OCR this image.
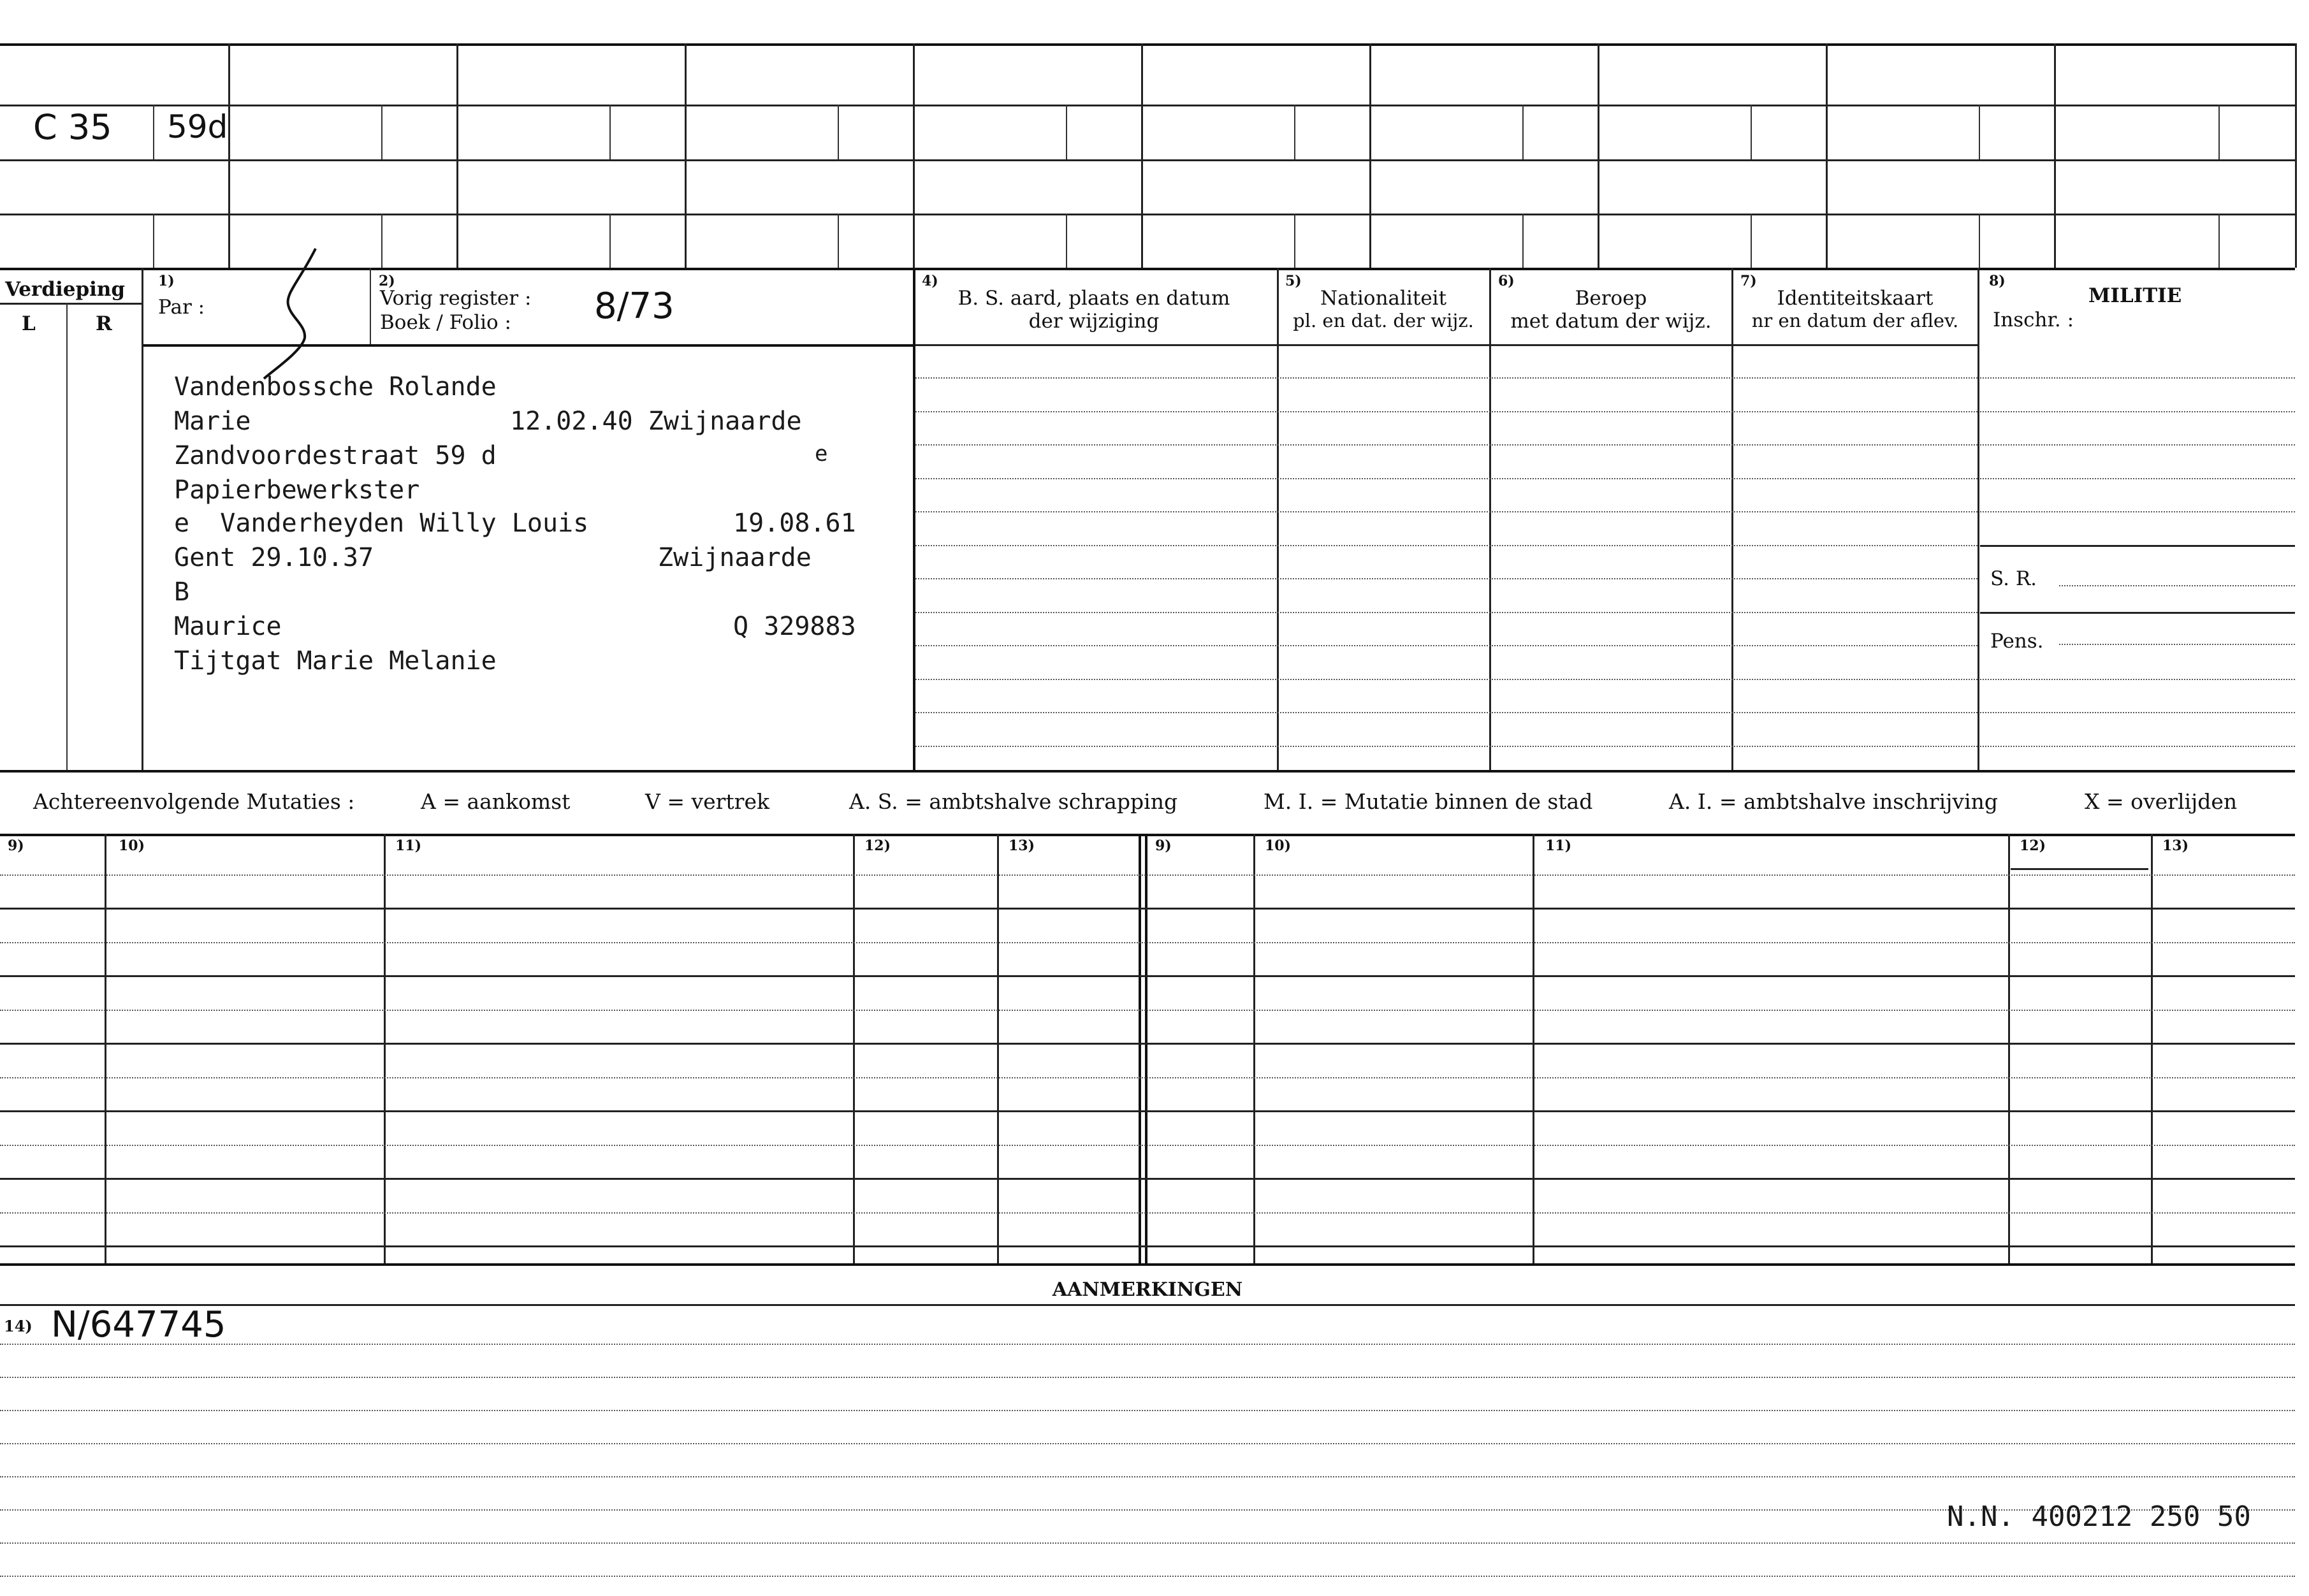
C 35 59d
Verdieping
L	R
1)
Par :
2)
Vorig register :
Boek / Folio : 8/73
4)
B. S. aard, plaats en datum
der wijziging
5)
Nationaliteit
pl. en dat. der wijz.
6)
Beroep
met datum der wijz.
7)
Identiteitskaart
nr en datum der aflev.
8)
MILITIE
Inschr. :
S. R.
Pens.
Vandenbossche Rolande
Marie	12.02.40 Zwijnaarde
Zandvoordestraat 59 d	e
Papierbewerkster
e  Vanderheyden Willy Louis	19.08.61
Gent 29.10.37	Zwijnaarde
B
Maurice	Q 329883
Tijtgat Marie Melanie
Achtereenvolgende Mutaties :	A = aankomst	V = vertrek	A. S. = ambtshalve schrapping	M. I. = Mutatie binnen de stad	A. I. = ambtshalve inschrijving	X = overlijden
9)	10)	11)	12)	13)	9)	10)	11)	12)	13)
AANMERKINGEN
14) N/647745
N.N. 400212 250 50
